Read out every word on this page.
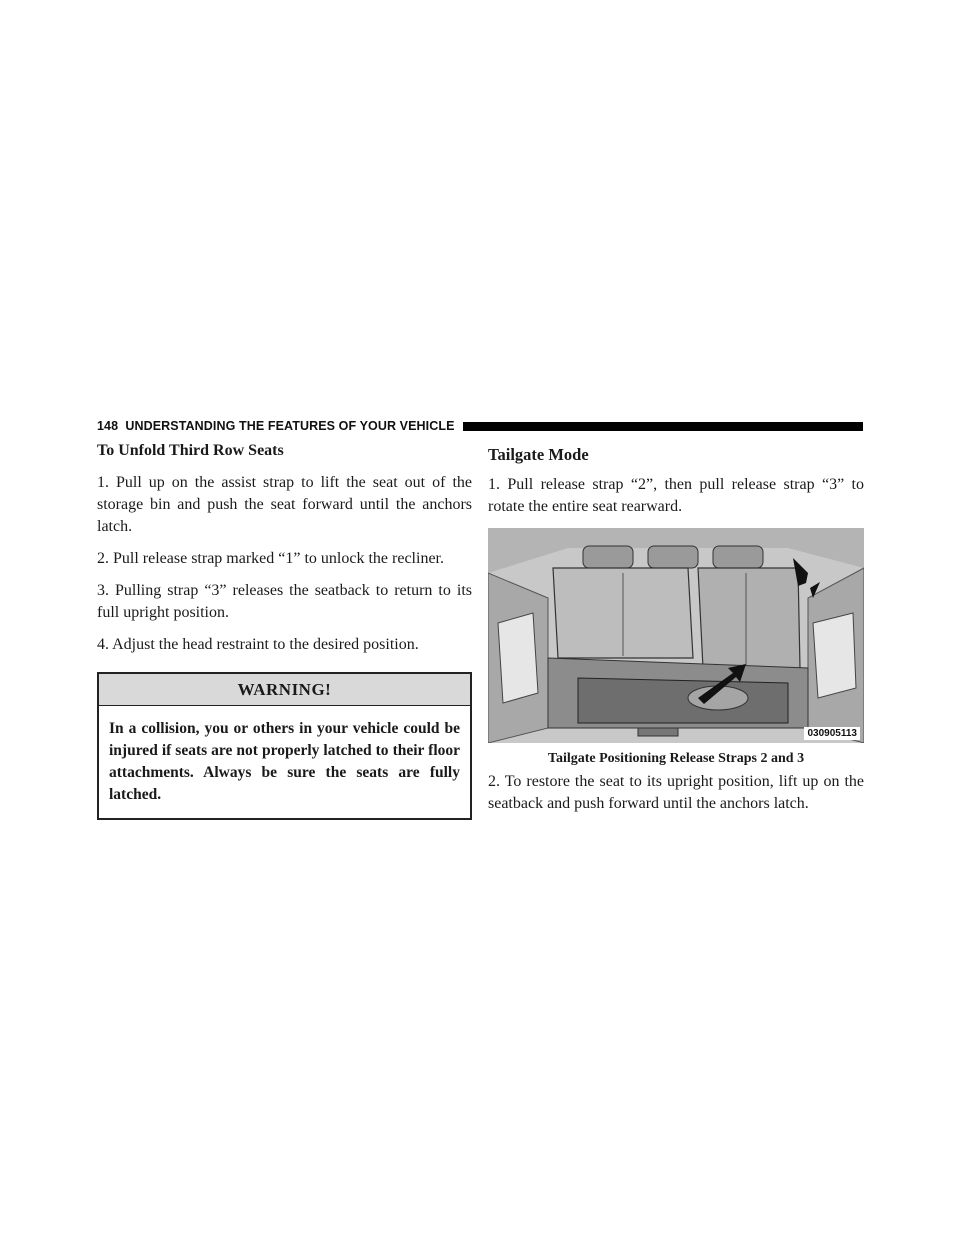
148 UNDERSTANDING THE FEATURES OF YOUR VEHICLE
To Unfold Third Row Seats

1. Pull up on the assist strap to lift the seat out of the storage bin and push the seat forward until the anchors latch.

2. Pull release strap marked “1” to unlock the recliner.

3. Pulling strap “3” releases the seatback to return to its full upright position.

4. Adjust the head restraint to the desired position.

WARNING!
In a collision, you or others in your vehicle could be injured if seats are not properly latched to their floor attachments. Always be sure the seats are fully latched.
Tailgate Mode

1. Pull release strap “2”, then pull release strap “3” to rotate the entire seat rearward.

030905113
Tailgate Positioning Release Straps 2 and 3

2. To restore the seat to its upright position, lift up on the seatback and push forward until the anchors latch.
